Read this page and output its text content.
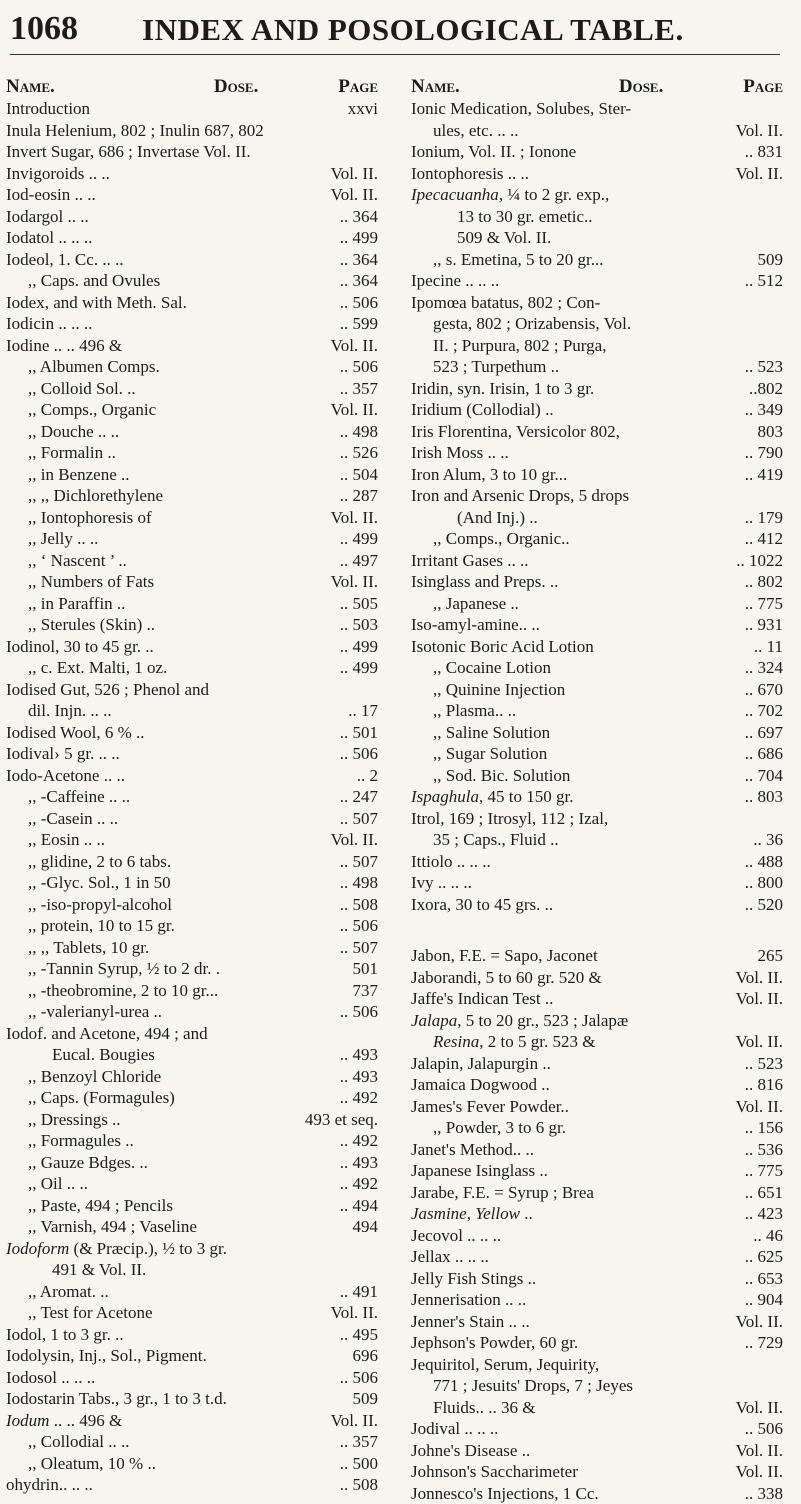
1068 INDEX AND POSOLOGICAL TABLE.
Name.	Dose.	Page
Introduction	xxvi
Inula Helenium, 802 ; Inulin 687, 802
Invert Sugar, 686 ; Invertase Vol. II.
Invigoroids .. ..	Vol. II.
Iod-eosin .. ..	Vol. II.
Iodargol .. ..	.. 364
Iodatol .. .. ..	.. 499
Iodeol, 1. Cc. .. ..	.. 364
,, Caps. and Ovules	.. 364
Iodex, and with Meth. Sal.	.. 506
Iodicin .. .. ..	.. 599
Iodine .. .. 496 &	Vol. II.
,, Albumen Comps.	.. 506
,, Colloid Sol. ..	.. 357
,, Comps., Organic	Vol. II.
,, Douche .. ..	.. 498
,, Formalin ..	.. 526
,, in Benzene ..	.. 504
,, ,, Dichlorethylene	.. 287
,, Iontophoresis of	Vol. II.
,, Jelly .. ..	.. 499
,, ‘ Nascent ’ ..	.. 497
,, Numbers of Fats	Vol. II.
,, in Paraffin ..	.. 505
,, Sterules (Skin) ..	.. 503
Iodinol, 30 to 45 gr. ..	.. 499
,, c. Ext. Malti, 1 oz.	.. 499
Iodised Gut, 526 ; Phenol and
dil. Injn. .. ..	.. 17
Iodised Wool, 6 % ..	.. 501
Iodival› 5 gr. .. ..	.. 506
Iodo-Acetone .. ..	.. 2
,, -Caffeine .. ..	.. 247
,, -Casein .. ..	.. 507
,, Eosin .. ..	Vol. II.
,, glidine, 2 to 6 tabs.	.. 507
,, -Glyc. Sol., 1 in 50	.. 498
,, -iso-propyl-alcohol	.. 508
,, protein, 10 to 15 gr.	.. 506
,, ,, Tablets, 10 gr.	.. 507
,, -Tannin Syrup, ½ to 2 dr. .	501
,, -theobromine, 2 to 10 gr...	737
,, -valerianyl-urea ..	.. 506
Iodof. and Acetone, 494 ; and
Eucal. Bougies	.. 493
,, Benzoyl Chloride	.. 493
,, Caps. (Formagules)	.. 492
,, Dressings ..	493 et seq.
,, Formagules ..	.. 492
,, Gauze Bdges. ..	.. 493
,, Oil .. ..	.. 492
,, Paste, 494 ; Pencils	.. 494
,, Varnish, 494 ; Vaseline	494
Iodoform (& Præcip.), ½ to 3 gr.
491 & Vol. II.
,, Aromat. ..	.. 491
,, Test for Acetone	Vol. II.
Iodol, 1 to 3 gr. ..	.. 495
Iodolysin, Inj., Sol., Pigment.	696
Iodosol .. .. ..	.. 506
Iodostarin Tabs., 3 gr., 1 to 3 t.d.	509
Iodum .. .. 496 &	Vol. II.
,, Collodial .. ..	.. 357
,, Oleatum, 10 % ..	.. 500
ohydrin.. .. ..	.. 508
Name.	Dose.	Page
Ionic Medication, Solubes, Ster-
ules, etc. .. ..	Vol. II.
Ionium, Vol. II. ; Ionone	.. 831
Iontophoresis .. ..	Vol. II.
Ipecacuanha, ¼ to 2 gr. exp.,
13 to 30 gr. emetic..
509 & Vol. II.
,, s. Emetina, 5 to 20 gr...	509
Ipecine .. .. ..	.. 512
Ipomœa batatus, 802 ; Con-
gesta, 802 ; Orizabensis, Vol.
II. ; Purpura, 802 ; Purga,
523 ; Turpethum ..	.. 523
Iridin, syn. Irisin, 1 to 3 gr.	..802
Iridium (Collodial) ..	.. 349
Iris Florentina, Versicolor 802,	803
Irish Moss .. ..	.. 790
Iron Alum, 3 to 10 gr...	.. 419
Iron and Arsenic Drops, 5 drops
(And Inj.) ..	.. 179
,, Comps., Organic..	.. 412
Irritant Gases .. ..	.. 1022
Isinglass and Preps. ..	.. 802
,, Japanese ..	.. 775
Iso-amyl-amine.. ..	.. 931
Isotonic Boric Acid Lotion	.. 11
,, Cocaine Lotion	.. 324
,, Quinine Injection	.. 670
,, Plasma.. ..	.. 702
,, Saline Solution	.. 697
,, Sugar Solution	.. 686
,, Sod. Bic. Solution	.. 704
Ispaghula, 45 to 150 gr.	.. 803
Itrol, 169 ; Itrosyl, 112 ; Izal,
35 ; Caps., Fluid ..	.. 36
Ittiolo .. .. ..	.. 488
Ivy .. .. ..	.. 800
Ixora, 30 to 45 grs. ..	.. 520
Jabon, F.E. = Sapo, Jaconet	265
Jaborandi, 5 to 60 gr. 520 &	Vol. II.
Jaffe's Indican Test ..	Vol. II.
Jalapa, 5 to 20 gr., 523 ; Jalapæ
Resina, 2 to 5 gr. 523 &	Vol. II.
Jalapin, Jalapurgin ..	.. 523
Jamaica Dogwood ..	.. 816
James's Fever Powder..	Vol. II.
,, Powder, 3 to 6 gr.	.. 156
Janet's Method.. ..	.. 536
Japanese Isinglass ..	.. 775
Jarabe, F.E. = Syrup ; Brea	.. 651
Jasmine, Yellow ..	.. 423
Jecovol .. .. ..	.. 46
Jellax .. .. ..	.. 625
Jelly Fish Stings ..	.. 653
Jennerisation .. ..	.. 904
Jenner's Stain .. ..	Vol. II.
Jephson's Powder, 60 gr.	.. 729
Jequiritol, Serum, Jequirity,
771 ; Jesuits' Drops, 7 ; Jeyes
Fluids.. .. 36 &	Vol. II.
Jodival .. .. ..	.. 506
Johne's Disease ..	Vol. II.
Johnson's Saccharimeter	Vol. II.
Jonnesco's Injections, 1 Cc.	.. 338
